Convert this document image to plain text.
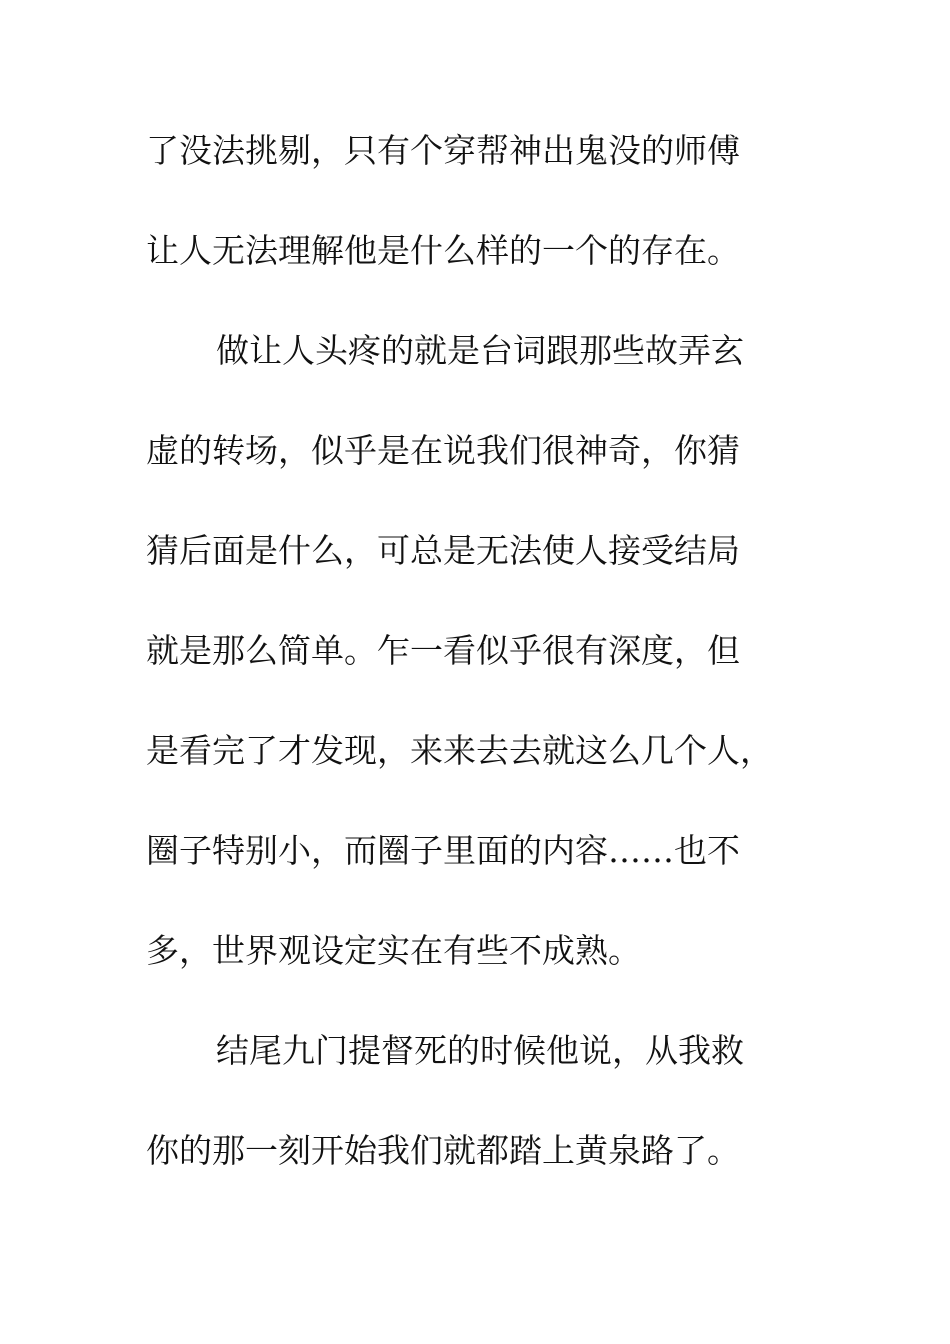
了没法挑剔，只有个穿帮神出鬼没的师傅
让人无法理解他是什么样的一个的存在。
做让人头疼的就是台词跟那些故弄玄
虚的转场，似乎是在说我们很神奇，你猜
猜后面是什么，可总是无法使人接受结局
就是那么简单。乍一看似乎很有深度，但
是看完了才发现，来来去去就这么几个人，
圈子特别小，而圈子里面的内容……也不
多，世界观设定实在有些不成熟。
结尾九门提督死的时候他说，从我救
你的那一刻开始我们就都踏上黄泉路了。
